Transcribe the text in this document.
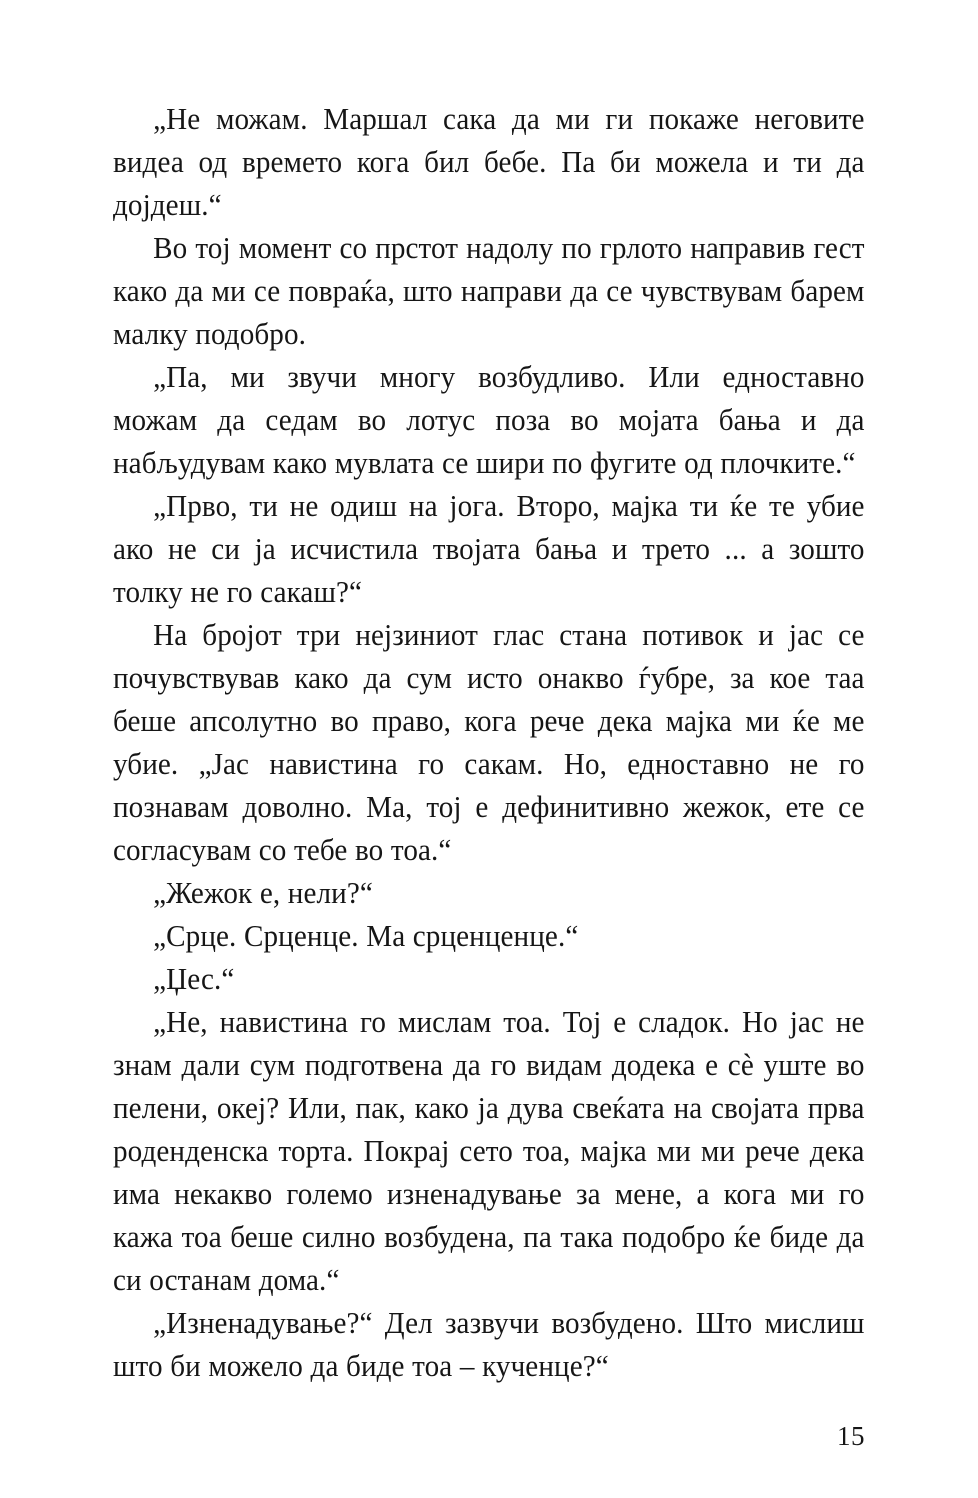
„Не можам. Маршал сака да ми ги покаже неговите видеа од времето кога бил бебе. Па би можела и ти да дојдеш.“

Во тој момент со прстот надолу по грлото направив гест како да ми се повраќа, што направи да се чувствувам барем малку подобро.

„Па, ми звучи многу возбудливо. Или едноставно можам да седам во лотус поза во мојата бања и да набљудувам како мувлата се шири по фугите од плочките.“

„Прво, ти не одиш на јога. Второ, мајка ти ќе те убие ако не си ја исчистила твојата бања и трето ... а зошто толку не го сакаш?“

На бројот три нејзиниот глас стана потивок и јас се почувствував како да сум исто онакво ѓубре, за кое таа беше апсолутно во право, кога рече дека мајка ми ќе ме убие. „Јас навистина го сакам. Но, едноставно не го познавам доволно. Ма, тој е дефинитивно жежок, ете се согласувам со тебе во тоа.“

„Жежок е, нели?“

„Срце. Срценце. Ма срценценце.“

„Џес.“

„Не, навистина го мислам тоа. Тој е сладок. Но јас не знам дали сум подготвена да го видам додека е сѐ уште во пелени, океј? Или, пак, како ја дува свеќата на својата прва роденденска торта. Покрај сето тоа, мајка ми ми рече дека има некакво големо изненадување за мене, а кога ми го кажа тоа беше силно возбудена, па така подобро ќе биде да си останам дома.“

„Изненадување?“ Дел зазвучи возбудено. Што мислиш што би можело да биде тоа – кученце?“

15
